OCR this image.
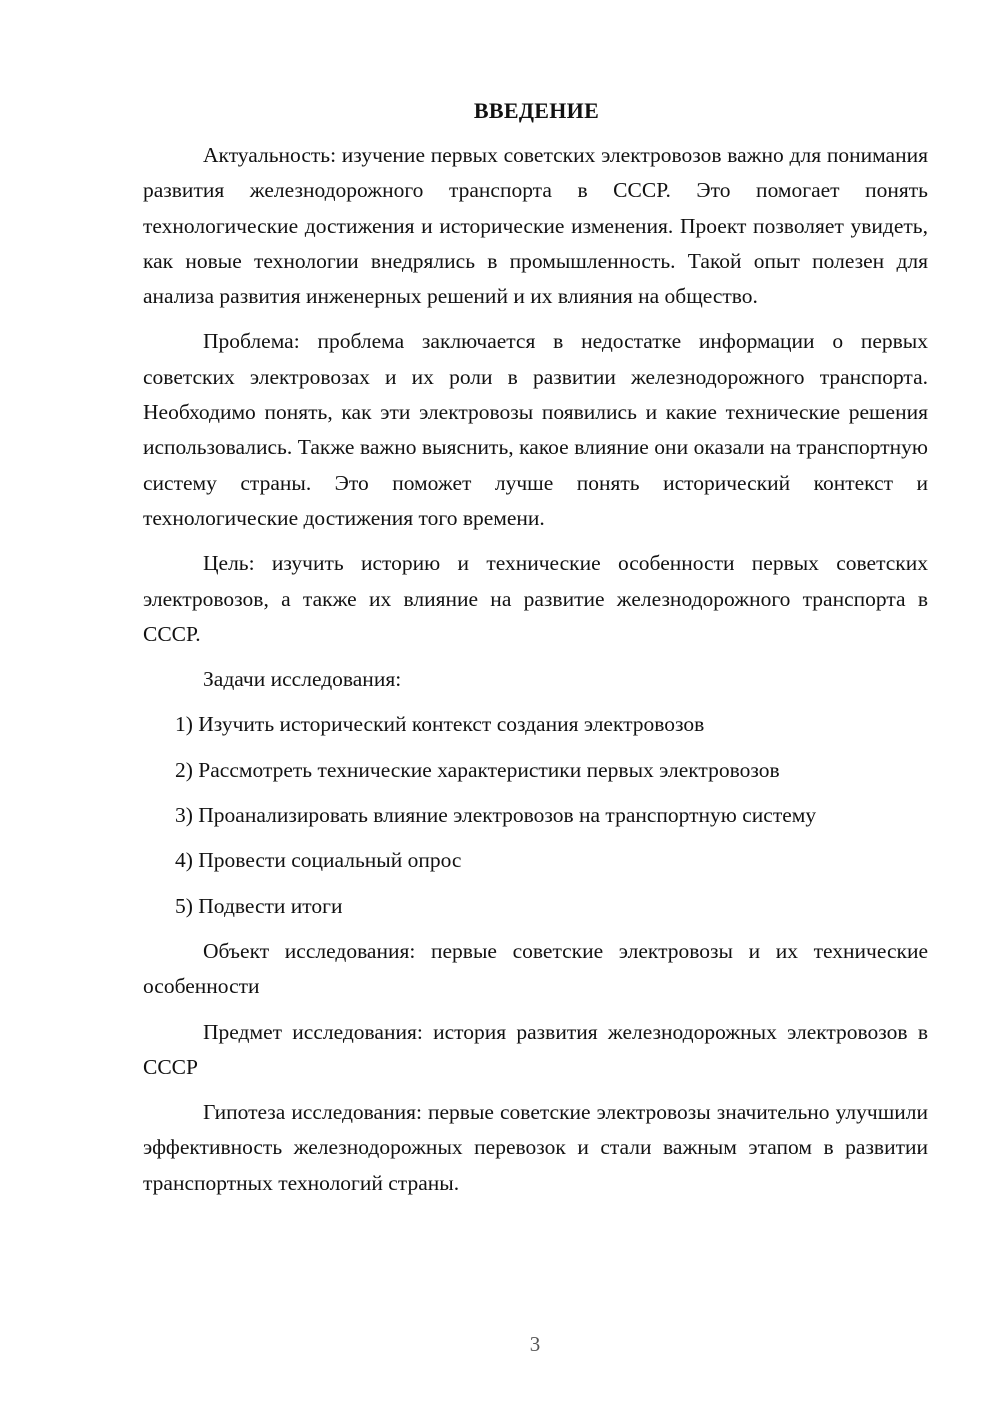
ВВЕДЕНИЕ

Актуальность: изучение первых советских электровозов важно для понимания развития железнодорожного транспорта в СССР. Это помогает понять технологические достижения и исторические изменения. Проект позволяет увидеть, как новые технологии внедрялись в промышленность. Такой опыт полезен для анализа развития инженерных решений и их влияния на общество.

Проблема: проблема заключается в недостатке информации о первых советских электровозах и их роли в развитии железнодорожного транспорта. Необходимо понять, как эти электровозы появились и какие технические решения использовались. Также важно выяснить, какое влияние они оказали на транспортную систему страны. Это поможет лучше понять исторический контекст и технологические достижения того времени.

Цель: изучить историю и технические особенности первых советских электровозов, а также их влияние на развитие железнодорожного транспорта в СССР.

Задачи исследования:

1) Изучить исторический контекст создания электровозов
2) Рассмотреть технические характеристики первых электровозов
3) Проанализировать влияние электровозов на транспортную систему
4) Провести социальный опрос
5) Подвести итоги

Объект исследования: первые советские электровозы и их технические особенности

Предмет исследования: история развития железнодорожных электровозов в СССР

Гипотеза исследования: первые советские электровозы значительно улучшили эффективность железнодорожных перевозок и стали важным этапом в развитии транспортных технологий страны.

3
